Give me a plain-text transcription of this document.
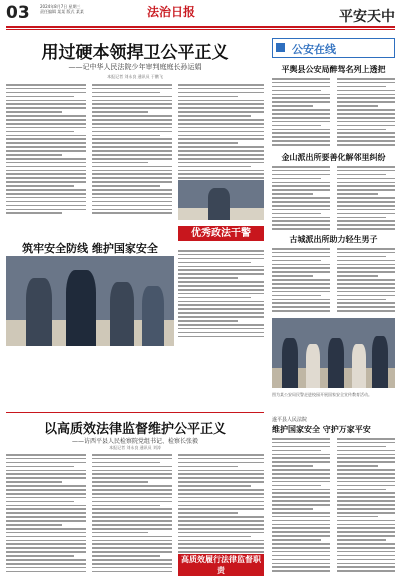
03	2024年8月7日 星期三
责任编辑 某某 版式 某某	法治日报	平安天中
用过硬本领捍卫公平正义
——记中华人民法院少年审判庭庭长孙运娟
本报记者 刘永良 通讯员 于鹏飞
优秀政法干警
筑牢安全防线 维护国家安全
公安在线
平舆县公安局醉驾名列上透把
金山派出所要善化解邻里纠纷
古城派出所助力轻生男子
图为某公安局民警走进校园开展国家安全宣传教育活动。
以高质效法律监督维护公平正义
——访西平县人民检察院党组书记、检察长张毅
本报记者 刘永良 通讯员 刘涛
高质效履行法律监督职责
检察长谈
遂平县人民法院
维护国家安全 守护万家平安
